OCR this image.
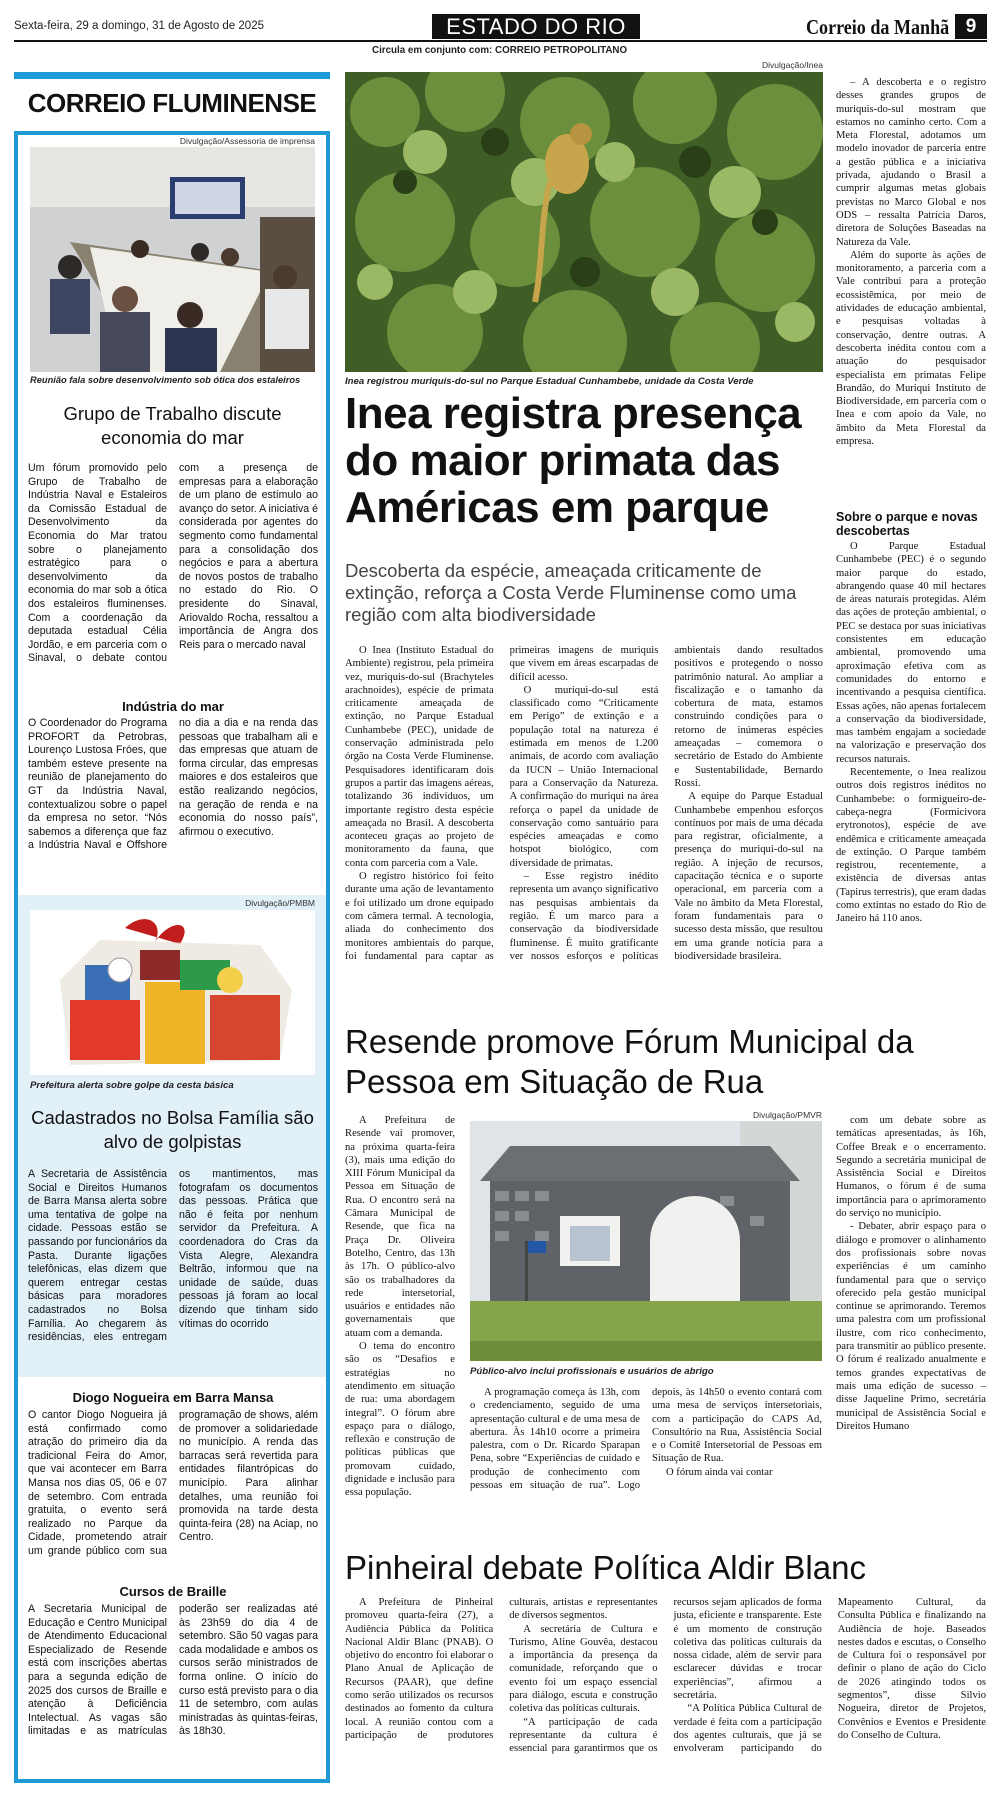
Sexta-feira, 29 a domingo, 31 de Agosto de 2025	ESTADO DO RIO	Correio da Manhã 9
Circula em conjunto com: CORREIO PETROPOLITANO
CORREIO FLUMINENSE
Divulgação/Assessoria de imprensa
Reunião fala sobre desenvolvimento sob ótica dos estaleiros
Grupo de Trabalho discute economia do mar
Um fórum promovido pelo Grupo de Trabalho de Indústria Naval e Estaleiros da Comissão Estadual de Desenvolvimento da Economia do Mar tratou sobre o planejamento estratégico para o desenvolvimento da economia do mar sob a ótica dos estaleiros fluminenses. Com a coordenação da deputada estadual Célia Jordão, e em parceria com o Sinaval, o debate contou com a presença de empresas para a elaboração de um plano de estímulo ao avanço do setor. A iniciativa é considerada por agentes do segmento como fundamental para a consolidação dos negócios e para a abertura de novos postos de trabalho no estado do Rio. O presidente do Sinaval, Ariovaldo Rocha, ressaltou a importância de Angra dos Reis para o mercado naval
Indústria do mar
O Coordenador do Programa PROFORT da Petrobras, Lourenço Lustosa Fróes, que também esteve presente na reunião de planejamento do GT da Indústria Naval, contextualizou sobre o papel da empresa no setor. “Nós sabemos a diferença que faz a Indústria Naval e Offshore no dia a dia e na renda das pessoas que trabalham ali e das empresas que atuam de forma circular, das empresas maiores e dos estaleiros que estão realizando negócios, na geração de renda e na economia do nosso país”, afirmou o executivo.
Divulgação/PMBM
Prefeitura alerta sobre golpe da cesta básica
Cadastrados no Bolsa Família são alvo de golpistas
A Secretaria de Assistência Social e Direitos Humanos de Barra Mansa alerta sobre uma tentativa de golpe na cidade. Pessoas estão se passando por funcionários da Pasta. Durante ligações telefônicas, elas dizem que querem entregar cestas básicas para moradores cadastrados no Bolsa Família. Ao chegarem às residências, eles entregam os mantimentos, mas fotografam os documentos das pessoas. Prática que não é feita por nenhum servidor da Prefeitura. A coordenadora do Cras da Vista Alegre, Alexandra Beltrão, informou que na unidade de saúde, duas pessoas já foram ao local dizendo que tinham sido vítimas do ocorrido
Diogo Nogueira em Barra Mansa
O cantor Diogo Nogueira já está confirmado como atração do primeiro dia da tradicional Feira do Amor, que vai acontecer em Barra Mansa nos dias 05, 06 e 07 de setembro. Com entrada gratuita, o evento será realizado no Parque da Cidade, prometendo atrair um grande público com sua programação de shows, além de promover a solidariedade no município. A renda das barracas será revertida para entidades filantrópicas do município. Para alinhar detalhes, uma reunião foi promovida na tarde desta quinta-feira (28) na Aciap, no Centro.
Cursos de Braille
A Secretaria Municipal de Educação e Centro Municipal de Atendimento Educacional Especializado de Resende está com inscrições abertas para a segunda edição de 2025 dos cursos de Braille e atenção à Deficiência Intelectual. As vagas são limitadas e as matrículas poderão ser realizadas até às 23h59 do dia 4 de setembro. São 50 vagas para cada modalidade e ambos os cursos serão ministrados de forma online. O início do curso está previsto para o dia 11 de setembro, com aulas ministradas às quintas-feiras, às 18h30.
Divulgação/Inea
Inea registrou muriquis-do-sul no Parque Estadual Cunhambebe, unidade da Costa Verde
Inea registra presença do maior primata das Américas em parque
Descoberta da espécie, ameaçada criticamente de extinção, reforça a Costa Verde Fluminense como uma região com alta biodiversidade

O Inea (Instituto Estadual do Ambiente) registrou, pela primeira vez, muriquis-do-sul (Brachyteles arachnoides), espécie de primata criticamente ameaçada de extinção, no Parque Estadual Cunhambebe (PEC), unidade de conservação administrada pelo órgão na Costa Verde Fluminense. Pesquisadores identificaram dois grupos a partir das imagens aéreas, totalizando 36 indivíduos, um importante registro desta espécie ameaçada no Brasil. A descoberta aconteceu graças ao projeto de monitoramento da fauna, que conta com parceria com a Vale.

O registro histórico foi feito durante uma ação de levantamento e foi utilizado um drone equipado com câmera termal. A tecnologia, aliada do conhecimento dos monitores ambientais do parque, foi fundamental para captar as primeiras imagens de muriquis que vivem em áreas escarpadas de difícil acesso.

O muriqui-do-sul está classificado como “Criticamente em Perigo” de extinção e a população total na natureza é estimada em menos de 1.200 animais, de acordo com avaliação da IUCN – União Internacional para a Conservação da Natureza. A confirmação do muriqui na área reforça o papel da unidade de conservação como santuário para espécies ameaçadas e como hotspot biológico, com diversidade de primatas.

– Esse registro inédito representa um avanço significativo nas pesquisas ambientais da região. É um marco para a conservação da biodiversidade fluminense. É muito gratificante ver nossos esforços e políticas ambientais dando resultados positivos e protegendo o nosso patrimônio natural. Ao ampliar a fiscalização e o tamanho da cobertura de mata, estamos construindo condições para o retorno de inúmeras espécies ameaçadas – comemora o secretário de Estado do Ambiente e Sustentabilidade, Bernardo Rossi.

A equipe do Parque Estadual Cunhambebe empenhou esforços contínuos por mais de uma década para registrar, oficialmente, a presença do muriqui-do-sul na região. A injeção de recursos, capacitação técnica e o suporte operacional, em parceria com a Vale no âmbito da Meta Florestal, foram fundamentais para o sucesso desta missão, que resultou em uma grande notícia para a biodiversidade brasileira.

– A descoberta e o registro desses grandes grupos de muriquis-do-sul mostram que estamos no caminho certo. Com a Meta Florestal, adotamos um modelo inovador de parceria entre a gestão pública e a iniciativa privada, ajudando o Brasil a cumprir algumas metas globais previstas no Marco Global e nos ODS – ressalta Patrícia Daros, diretora de Soluções Baseadas na Natureza da Vale.

Além do suporte às ações de monitoramento, a parceria com a Vale contribui para a proteção ecossistêmica, por meio de atividades de educação ambiental, e pesquisas voltadas à conservação, dentre outras. A descoberta inédita contou com a atuação do pesquisador especialista em primatas Felipe Brandão, do Muriqui Instituto de Biodiversidade, em parceria com o Inea e com apoio da Vale, no âmbito da Meta Florestal da empresa.

Sobre o parque e novas descobertas

O Parque Estadual Cunhambebe (PEC) é o segundo maior parque do estado, abrangendo quase 40 mil hectares de áreas naturais protegidas. Além das ações de proteção ambiental, o PEC se destaca por suas iniciativas consistentes em educação ambiental, promovendo uma aproximação efetiva com as comunidades do entorno e incentivando a pesquisa científica. Essas ações, não apenas fortalecem a conservação da biodiversidade, mas também engajam a sociedade na valorização e preservação dos recursos naturais.

Recentemente, o Inea realizou outros dois registros inéditos no Cunhambebe: o formigueiro-de-cabeça-negra (Formicivora erytronotos), espécie de ave endêmica e criticamente ameaçada de extinção. O Parque também registrou, recentemente, a existência de diversas antas (Tapirus terrestris), que eram dadas como extintas no estado do Rio de Janeiro há 110 anos.

Resende promove Fórum Municipal da Pessoa em Situação de Rua

A Prefeitura de Resende vai promover, na próxima quarta-feira (3), mais uma edição do XIII Fórum Municipal da Pessoa em Situação de Rua. O encontro será na Câmara Municipal de Resende, que fica na Praça Dr. Oliveira Botelho, Centro, das 13h às 17h. O público-alvo são os trabalhadores da rede intersetorial, usuários e entidades não governamentais que atuam com a demanda.

O tema do encontro são os “Desafios e estratégias no atendimento em situação de rua: uma abordagem integral”. O fórum abre espaço para o diálogo, reflexão e construção de políticas públicas que promovam cuidado, dignidade e inclusão para essa população.

Divulgação/PMVR
Público-alvo inclui profissionais e usuários de abrigo

A programação começa às 13h, com o credenciamento, seguido de uma apresentação cultural e de uma mesa de abertura. Às 14h10 ocorre a primeira palestra, com o Dr. Ricardo Sparapan Pena, sobre “Experiências de cuidado e produção de conhecimento com pessoas em situação de rua”. Logo depois, às 14h50 o evento contará com uma mesa de serviços intersetoriais, com a participação do CAPS Ad, Consultório na Rua, Assistência Social e o Comitê Intersetorial de Pessoas em Situação de Rua.

O fórum ainda vai contar

com um debate sobre as temáticas apresentadas, às 16h, Coffee Break e o encerramento. Segundo a secretária municipal de Assistência Social e Direitos Humanos, o fórum é de suma importância para o aprimoramento do serviço no município.

- Debater, abrir espaço para o diálogo e promover o alinhamento dos profissionais sobre novas experiências é um caminho fundamental para que o serviço oferecido pela gestão municipal continue se aprimorando. Teremos uma palestra com um profissional ilustre, com rico conhecimento, para transmitir ao público presente. O fórum é realizado anualmente e temos grandes expectativas de mais uma edição de sucesso – disse Jaqueline Primo, secretária municipal de Assistência Social e Direitos Humano

Pinheiral debate Política Aldir Blanc

A Prefeitura de Pinheiral promoveu quarta-feira (27), a Audiência Pública da Política Nacional Aldir Blanc (PNAB). O objetivo do encontro foi elaborar o Plano Anual de Aplicação de Recursos (PAAR), que define como serão utilizados os recursos destinados ao fomento da cultura local. A reunião contou com a participação de produtores culturais, artistas e representantes de diversos segmentos.

A secretária de Cultura e Turismo, Aline Gouvêa, destacou a importância da presença da comunidade, reforçando que o evento foi um espaço essencial para diálogo, escuta e construção coletiva das políticas culturais.

“A participação de cada representante da cultura é essencial para garantirmos que os recursos sejam aplicados de forma justa, eficiente e transparente. Este é um momento de construção coletiva das políticas culturais da nossa cidade, além de servir para esclarecer dúvidas e trocar experiências”, afirmou a secretária.

“A Política Pública Cultural de verdade é feita com a participação dos agentes culturais, que já se envolveram participando do Mapeamento Cultural, da Consulta Pública e finalizando na Audiência de hoje. Baseados nestes dados e escutas, o Conselho de Cultura foi o responsável por definir o plano de ação do Ciclo de 2026 atingindo todos os segmentos”, disse Silvio Nogueira, diretor de Projetos, Convênios e Eventos e Presidente do Conselho de Cultura.
